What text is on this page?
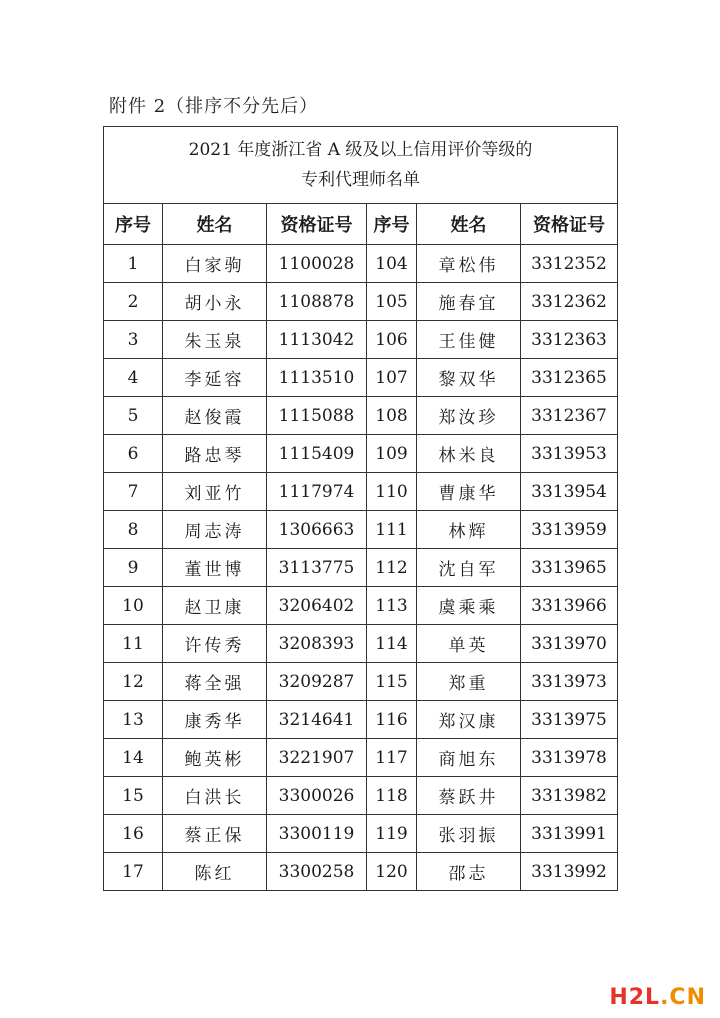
附件 2（排序不分先后）
2021 年度浙江省 A 级及以上信用评价等级的
专利代理师名单					

序号	姓名	资格证号	序号	姓名	资格证号
1	白家驹	1100028	104	章松伟	3312352
2	胡小永	1108878	105	施春宜	3312362
3	朱玉泉	1113042	106	王佳健	3312363
4	李延容	1113510	107	黎双华	3312365
5	赵俊霞	1115088	108	郑汝珍	3312367
6	路忠琴	1115409	109	林米良	3313953
7	刘亚竹	1117974	110	曹康华	3313954
8	周志涛	1306663	111	林辉	3313959
9	董世博	3113775	112	沈自军	3313965
10	赵卫康	3206402	113	虞乘乘	3313966
11	许传秀	3208393	114	单英	3313970
12	蒋全强	3209287	115	郑重	3313973
13	康秀华	3214641	116	郑汉康	3313975
14	鲍英彬	3221907	117	商旭东	3313978
15	白洪长	3300026	118	蔡跃井	3313982
16	蔡正保	3300119	119	张羽振	3313991
17	陈红	3300258	120	邵志	3313992
H2L.CN
